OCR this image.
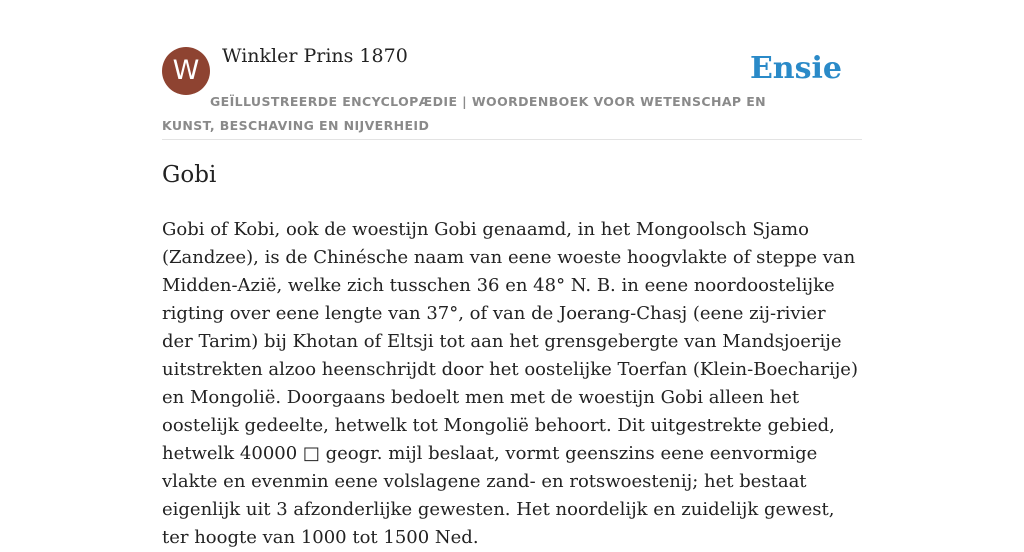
W	Winkler Prins 1870	Ensie
GEÏLLUSTREERDE ENCYCLOPÆDIE | WOORDENBOEK VOOR WETENSCHAP EN KUNST, BESCHAVING EN NIJVERHEID
Gobi

Gobi of Kobi, ook de woestijn Gobi genaamd, in het Mongoolsch Sjamo (Zandzee), is de Chinésche naam van eene woeste hoogvlakte of steppe van Midden-Azië, welke zich tusschen 36 en 48° N. B. in eene noordoostelijke rigting over eene lengte van 37°, of van de Joerang-Chasj (eene zij-rivier der Tarim) bij Khotan of Eltsji tot aan het grensgebergte van Mandsjoerije uitstrekten alzoo heenschrijdt door het oostelijke Toerfan (Klein-Boecharije) en Mongolië. Doorgaans bedoelt men met de woestijn Gobi alleen het oostelijk gedeelte, hetwelk tot Mongolië behoort. Dit uitgestrekte gebied, hetwelk 40000 □ geogr. mijl beslaat, vormt geenszins eene eenvormige vlakte en evenmin eene volslagene zand- en rotswoestenij; het bestaat eigenlijk uit 3 afzonderlijke gewesten. Het noordelijk en zuidelijk gewest, ter hoogte van 1000 tot 1500 Ned.
